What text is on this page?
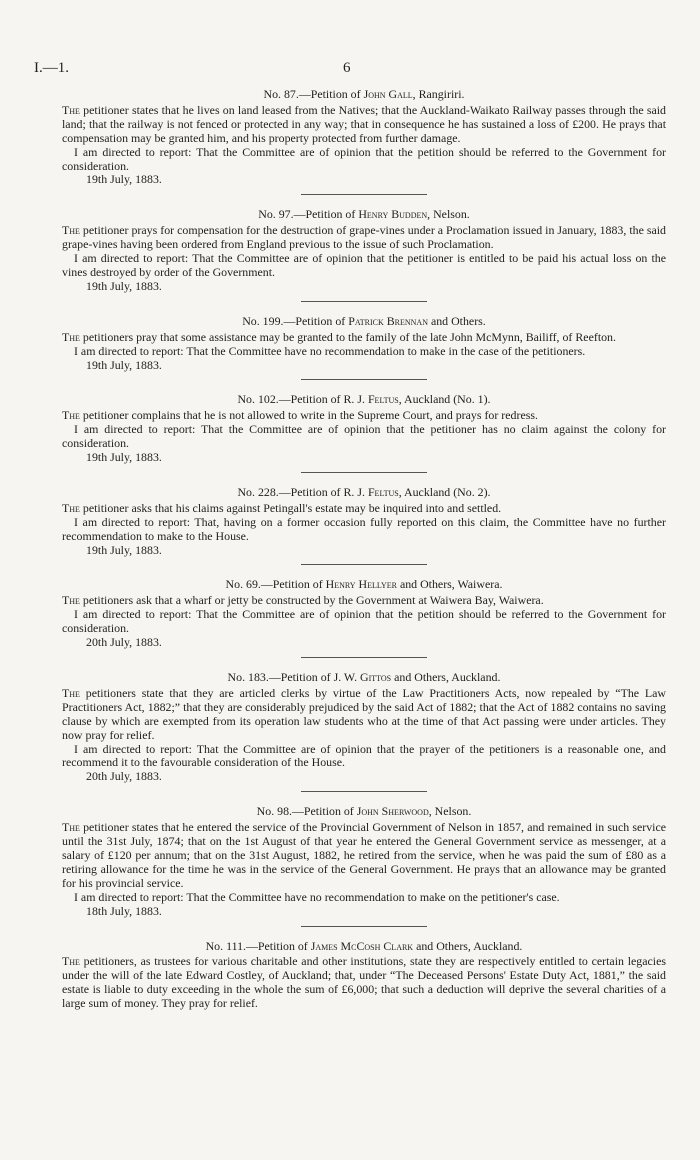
I.—1.	6

No. 87.—Petition of John Gall, Rangiriri.

The petitioner states that he lives on land leased from the Natives; that the Auckland-Waikato Railway passes through the said land; that the railway is not fenced or protected in any way; that in consequence he has sustained a loss of £200. He prays that compensation may be granted him, and his property protected from further damage.

I am directed to report: That the Committee are of opinion that the petition should be referred to the Government for consideration.

19th July, 1883.

No. 97.—Petition of Henry Budden, Nelson.

The petitioner prays for compensation for the destruction of grape-vines under a Proclamation issued in January, 1883, the said grape-vines having been ordered from England previous to the issue of such Proclamation.

I am directed to report: That the Committee are of opinion that the petitioner is entitled to be paid his actual loss on the vines destroyed by order of the Government.

19th July, 1883.

No. 199.—Petition of Patrick Brennan and Others.

The petitioners pray that some assistance may be granted to the family of the late John McMynn, Bailiff, of Reefton.

I am directed to report: That the Committee have no recommendation to make in the case of the petitioners.

19th July, 1883.

No. 102.—Petition of R. J. Feltus, Auckland (No. 1).

The petitioner complains that he is not allowed to write in the Supreme Court, and prays for redress.

I am directed to report: That the Committee are of opinion that the petitioner has no claim against the colony for consideration.

19th July, 1883.

No. 228.—Petition of R. J. Feltus, Auckland (No. 2).

The petitioner asks that his claims against Petingall's estate may be inquired into and settled.

I am directed to report: That, having on a former occasion fully reported on this claim, the Committee have no further recommendation to make to the House.

19th July, 1883.

No. 69.—Petition of Henry Hellyer and Others, Waiwera.

The petitioners ask that a wharf or jetty be constructed by the Government at Waiwera Bay, Waiwera.

I am directed to report: That the Committee are of opinion that the petition should be referred to the Government for consideration.

20th July, 1883.

No. 183.—Petition of J. W. Gittos and Others, Auckland.

The petitioners state that they are articled clerks by virtue of the Law Practitioners Acts, now repealed by “The Law Practitioners Act, 1882;” that they are considerably prejudiced by the said Act of 1882; that the Act of 1882 contains no saving clause by which are exempted from its operation law students who at the time of that Act passing were under articles. They now pray for relief.

I am directed to report: That the Committee are of opinion that the prayer of the petitioners is a reasonable one, and recommend it to the favourable consideration of the House.

20th July, 1883.

No. 98.—Petition of John Sherwood, Nelson.

The petitioner states that he entered the service of the Provincial Government of Nelson in 1857, and remained in such service until the 31st July, 1874; that on the 1st August of that year he entered the General Government service as messenger, at a salary of £120 per annum; that on the 31st August, 1882, he retired from the service, when he was paid the sum of £80 as a retiring allowance for the time he was in the service of the General Government. He prays that an allowance may be granted for his provincial service.

I am directed to report: That the Committee have no recommendation to make on the petitioner's case.

18th July, 1883.

No. 111.—Petition of James McCosh Clark and Others, Auckland.

The petitioners, as trustees for various charitable and other institutions, state they are respectively entitled to certain legacies under the will of the late Edward Costley, of Auckland; that, under “The Deceased Persons' Estate Duty Act, 1881,” the said estate is liable to duty exceeding in the whole the sum of £6,000; that such a deduction will deprive the several charities of a large sum of money. They pray for relief.
